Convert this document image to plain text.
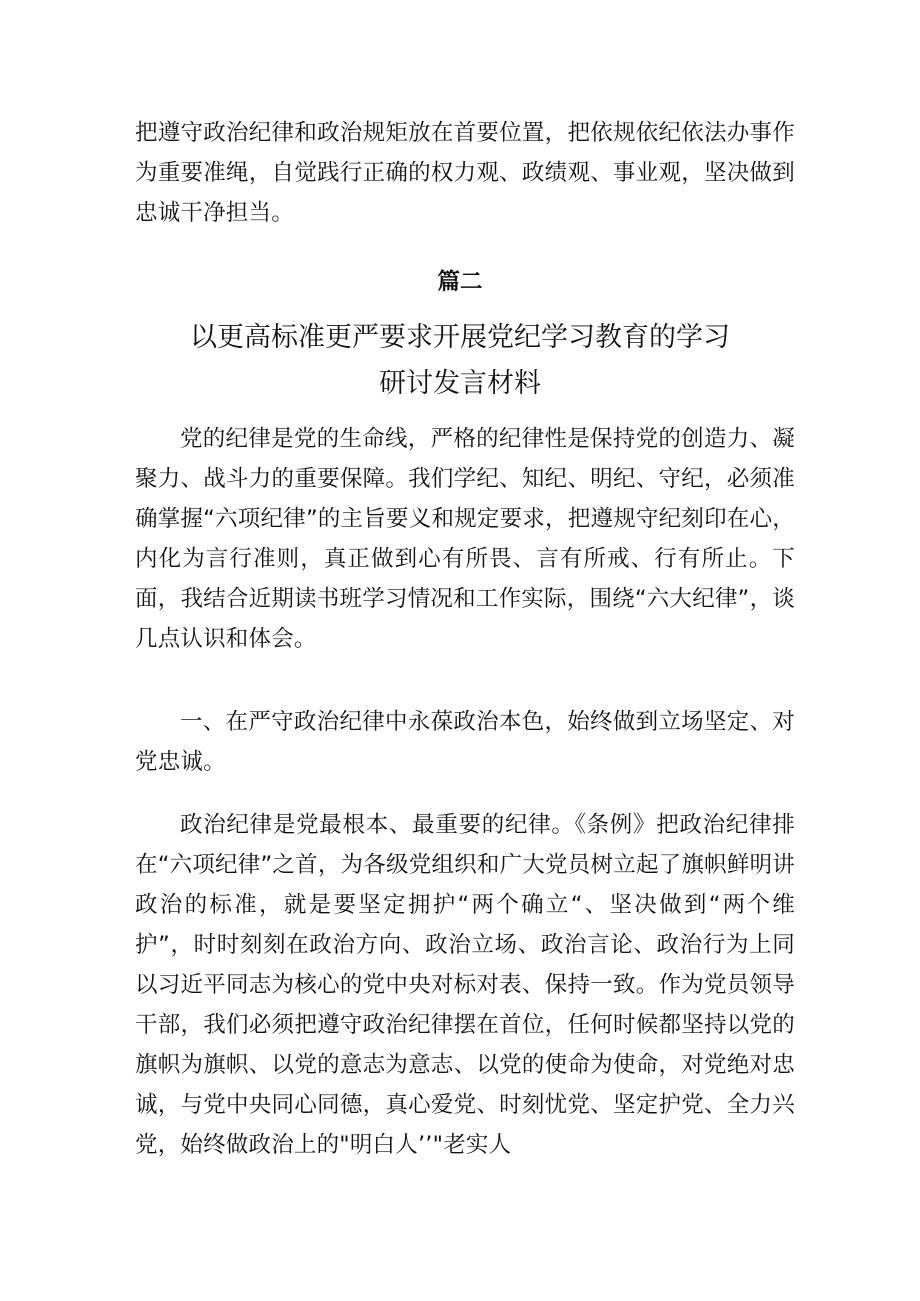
把遵守政治纪律和政治规矩放在首要位置，把依规依纪依法办事作为重要准绳，自觉践行正确的权力观、政绩观、事业观，坚决做到忠诚干净担当。

篇二

以更高标准更严要求开展党纪学习教育的学习

研讨发言材料

党的纪律是党的生命线，严格的纪律性是保持党的创造力、凝聚力、战斗力的重要保障。我们学纪、知纪、明纪、守纪，必须准确掌握“六项纪律”的主旨要义和规定要求，把遵规守纪刻印在心，内化为言行准则，真正做到心有所畏、言有所戒、行有所止。下面，我结合近期读书班学习情况和工作实际，围绕“六大纪律”，谈几点认识和体会。

一、在严守政治纪律中永葆政治本色，始终做到立场坚定、对党忠诚。

政治纪律是党最根本、最重要的纪律。《条例》把政治纪律排在“六项纪律”之首，为各级党组织和广大党员树立起了旗帜鲜明讲政治的标准，就是要坚定拥护“两个确立“、坚决做到“两个维护”，时时刻刻在政治方向、政治立场、政治言论、政治行为上同以习近平同志为核心的党中央对标对表、保持一致。作为党员领导干部，我们必须把遵守政治纪律摆在首位，任何时候都坚持以党的旗帜为旗帜、以党的意志为意志、以党的使命为使命，对党绝对忠诚，与党中央同心同德，真心爱党、时刻忧党、坚定护党、全力兴党，始终做政治上的"明白人’’"老实人
